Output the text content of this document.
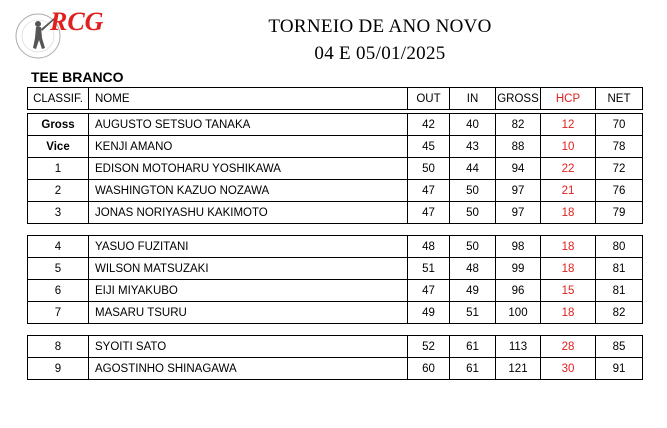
RCG	TORNEIO DE ANO NOVO
04 E 05/01/2025
TEE BRANCO
CLASSIF.	NOME	OUT	IN	GROSS	HCP	NET

Gross	AUGUSTO SETSUO TANAKA	42	40	82	12	70
Vice	KENJI AMANO	45	43	88	10	78
1	EDISON MOTOHARU YOSHIKAWA	50	44	94	22	72
2	WASHINGTON KAZUO NOZAWA	47	50	97	21	76
3	JONAS NORIYASHU KAKIMOTO	47	50	97	18	79

4	YASUO FUZITANI	48	50	98	18	80
5	WILSON MATSUZAKI	51	48	99	18	81
6	EIJI MIYAKUBO	47	49	96	15	81
7	MASARU TSURU	49	51	100	18	82

8	SYOITI SATO	52	61	113	28	85
9	AGOSTINHO SHINAGAWA	60	61	121	30	91
